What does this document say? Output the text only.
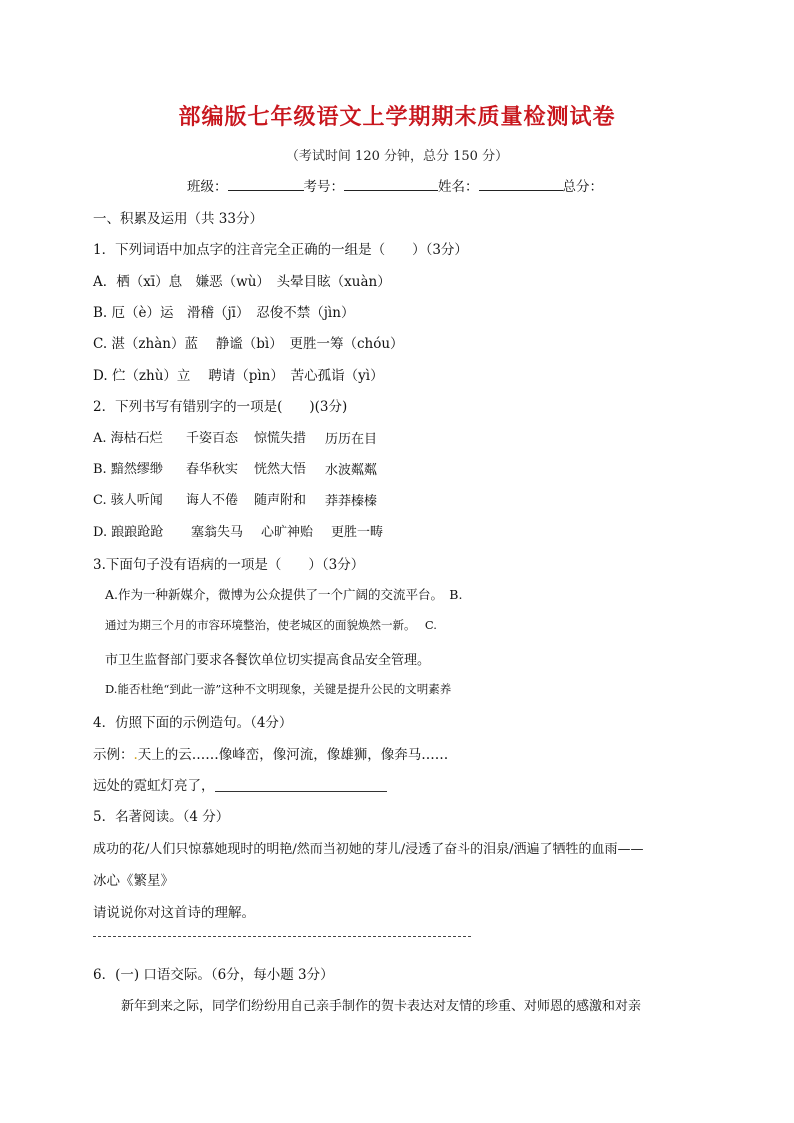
部编版七年级语文上学期期末质量检测试卷
（考试时间 120 分钟，总分 150 分）
班级：	考号：	姓名：	总分：
一、积累及运用（共 33分）
1．下列词语中加点字的注音完全正确的一组是（　　）（3分）
A．栖（xī）息　嫌恶（wù）　头晕目眩（xuàn）
B. 厄（è）运　滑稽（jī）　忍俊不禁（jìn）
C. 湛（zhàn）蓝　 静谧（bì）　更胜一筹（chóu）
D. 伫（zhù）立　 聘请（pìn）　苦心孤诣（yì）
2．下列书写有错别字的一项是(　　)(3分)
A. 海枯石烂 千姿百态 惊慌失措 历历在目
B. 黯然缪缈 春华秋实 恍然大悟 水波粼粼
C. 骇人听闻 诲人不倦 随声附和 莽莽榛榛
D. 踉踉跄跄 塞翁失马 心旷神贻 更胜一畴
3.下面句子没有语病的一项是（　　）（3分）
A.作为一种新媒介，微博为公众提供了一个广阔的交流平台。　B.
通过为期三个月的市容环境整治，使老城区的面貌焕然一新。　 C.
市卫生监督部门要求各餐饮单位切实提高食品安全管理。
D.能否杜绝“到此一游”这种不文明现象，关键是提升公民的文明素养
4．仿照下面的示例造句。（4分）
示例：.天上的云……像峰峦，像河流，像雄狮，像奔马……
远处的霓虹灯亮了，
5．名著阅读。（4 分）
成功的花/人们只惊慕她现时的明艳/然而当初她的芽儿/浸透了奋斗的泪泉/洒遍了牺牲的血雨——
冰心《繁星》
请说说你对这首诗的理解。
6．(一) 口语交际。（6分，每小题 3分）
新年到来之际，同学们纷纷用自己亲手制作的贺卡表达对友情的珍重、对师恩的感激和对亲
